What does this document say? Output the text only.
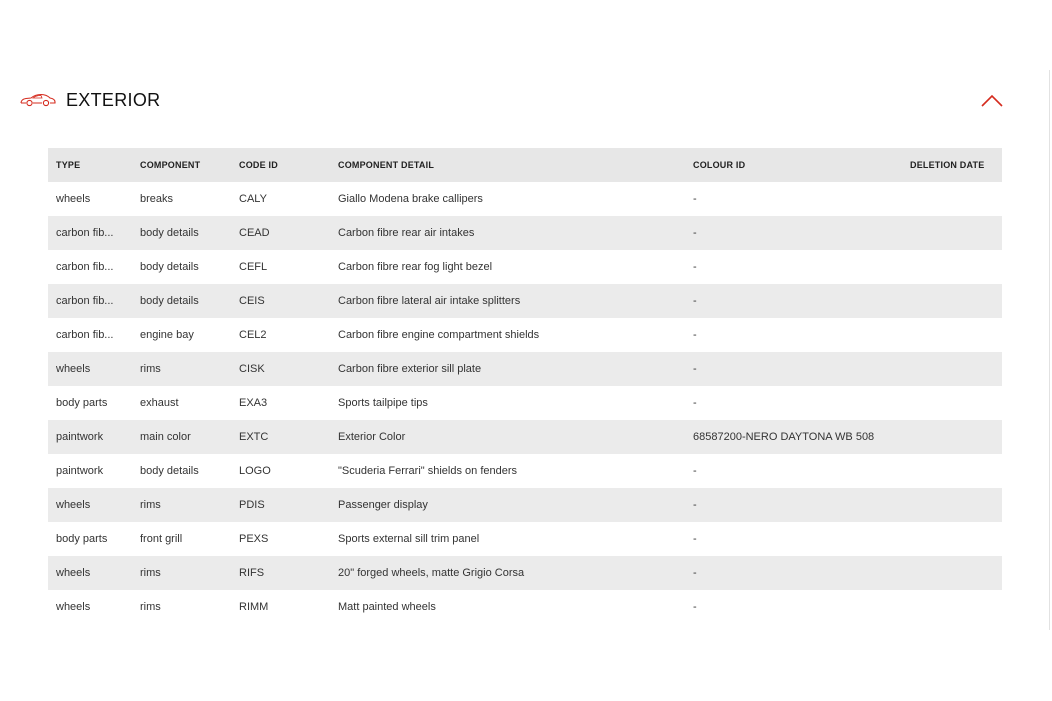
EXTERIOR
TYPE	COMPONENT	CODE ID	COMPONENT DETAIL	COLOUR ID	DELETION DATE
wheels	breaks	CALY	Giallo Modena brake callipers	-	
carbon fib...	body details	CEAD	Carbon fibre rear air intakes	-	
carbon fib...	body details	CEFL	Carbon fibre rear fog light bezel	-	
carbon fib...	body details	CEIS	Carbon fibre lateral air intake splitters	-	
carbon fib...	engine bay	CEL2	Carbon fibre engine compartment shields	-	
wheels	rims	CISK	Carbon fibre exterior sill plate	-	
body parts	exhaust	EXA3	Sports tailpipe tips	-	
paintwork	main color	EXTC	Exterior Color	68587200-NERO DAYTONA WB 508	
paintwork	body details	LOGO	"Scuderia Ferrari" shields on fenders	-	
wheels	rims	PDIS	Passenger display	-	
body parts	front grill	PEXS	Sports external sill trim panel	-	
wheels	rims	RIFS	20" forged wheels, matte Grigio Corsa	-	
wheels	rims	RIMM	Matt painted wheels	-	
